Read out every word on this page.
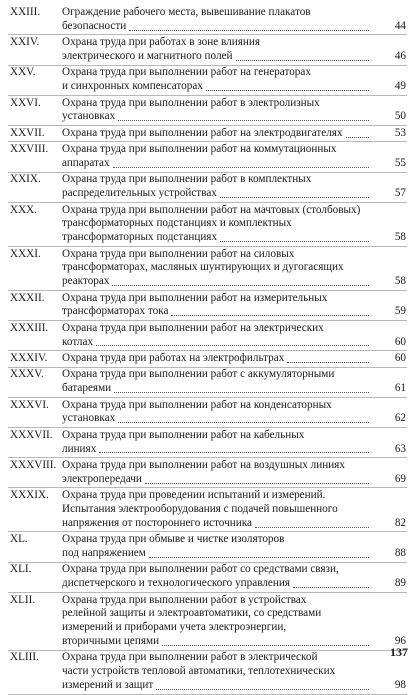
XXIII. Ограждение рабочего места, вывешивание плакатов
безопасности	44
XXIV. Охрана труда при работах в зоне влияния
электрического и магнитного полей	46
XXV. Охрана труда при выполнении работ на генераторах
и синхронных компенсаторах	49
XXVI. Охрана труда при выполнении работ в электролизных
установках	50
XXVII. Охрана труда при выполнении работ на электродвигателях	53
XXVIII. Охрана труда при выполнении работ на коммутационных
аппаратах	55
XXIX. Охрана труда при выполнении работ в комплектных
распределительных устройствах	57
XXX. Охрана труда при выполнении работ на мачтовых (столбовых)
трансформаторных подстанциях и комплектных
трансформаторных подстанциях	58
XXXI. Охрана труда при выполнении работ на силовых
трансформаторах, масляных шунтирующих и дугогасящих
реакторах	58
XXXII. Охрана труда при выполнении работ на измерительных
трансформаторах тока	59
XXXIII. Охрана труда при выполнении работ на электрических
котлах	60
XXXIV. Охрана труда при работах на электрофильтрах	60
XXXV. Охрана труда при выполнении работ с аккумуляторными
батареями	61
XXXVI. Охрана труда при выполнении работ на конденсаторных
установках	62
XXXVII. Охрана труда при выполнении работ на кабельных
линиях	63
XXXVIII. Охрана труда при выполнении работ на воздушных линиях
электропередачи	69
XXXIX. Охрана труда при проведении испытаний и измерений.
Испытания электрооборудования с подачей повышенного
напряжения от постороннего источника	82
XL.	Охрана труда при обмыве и чистке изоляторов
под напряжением	88
XLI.	Охрана труда при выполнении работ со средствами связи,
диспетчерского и технологического управления	89
XLII. Охрана труда при выполнении работ в устройствах
релейной защиты и электроавтоматики, со средствами
измерений и приборами учета электроэнергии,
вторичными цепями	96
XLIII. Охрана труда при выполнении работ в электрической
части устройств тепловой автоматики, теплотехнических
измерений и защит	98
137
